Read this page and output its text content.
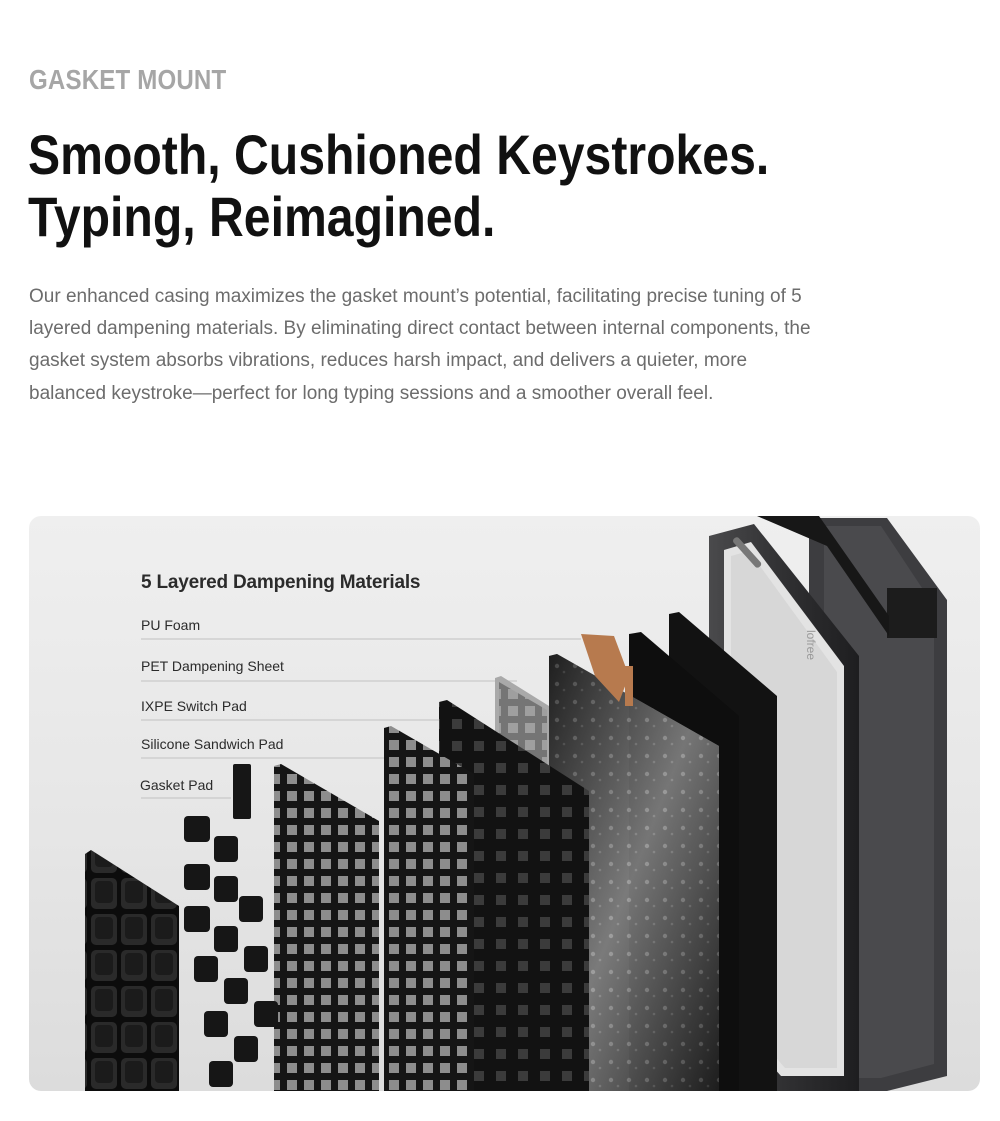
GASKET MOUNT
Smooth, Cushioned Keystrokes.
Typing, Reimagined.

Our enhanced casing maximizes the gasket mount’s potential, facilitating precise tuning of 5 layered dampening materials. By eliminating direct contact between internal components, the gasket system absorbs vibrations, reduces harsh impact, and delivers a quieter, more balanced keystroke—perfect for long typing sessions and a smoother overall feel.

lofree
5 Layered Dampening Materials
PU Foam
PET Dampening Sheet
IXPE Switch Pad
Silicone Sandwich Pad
Gasket Pad
